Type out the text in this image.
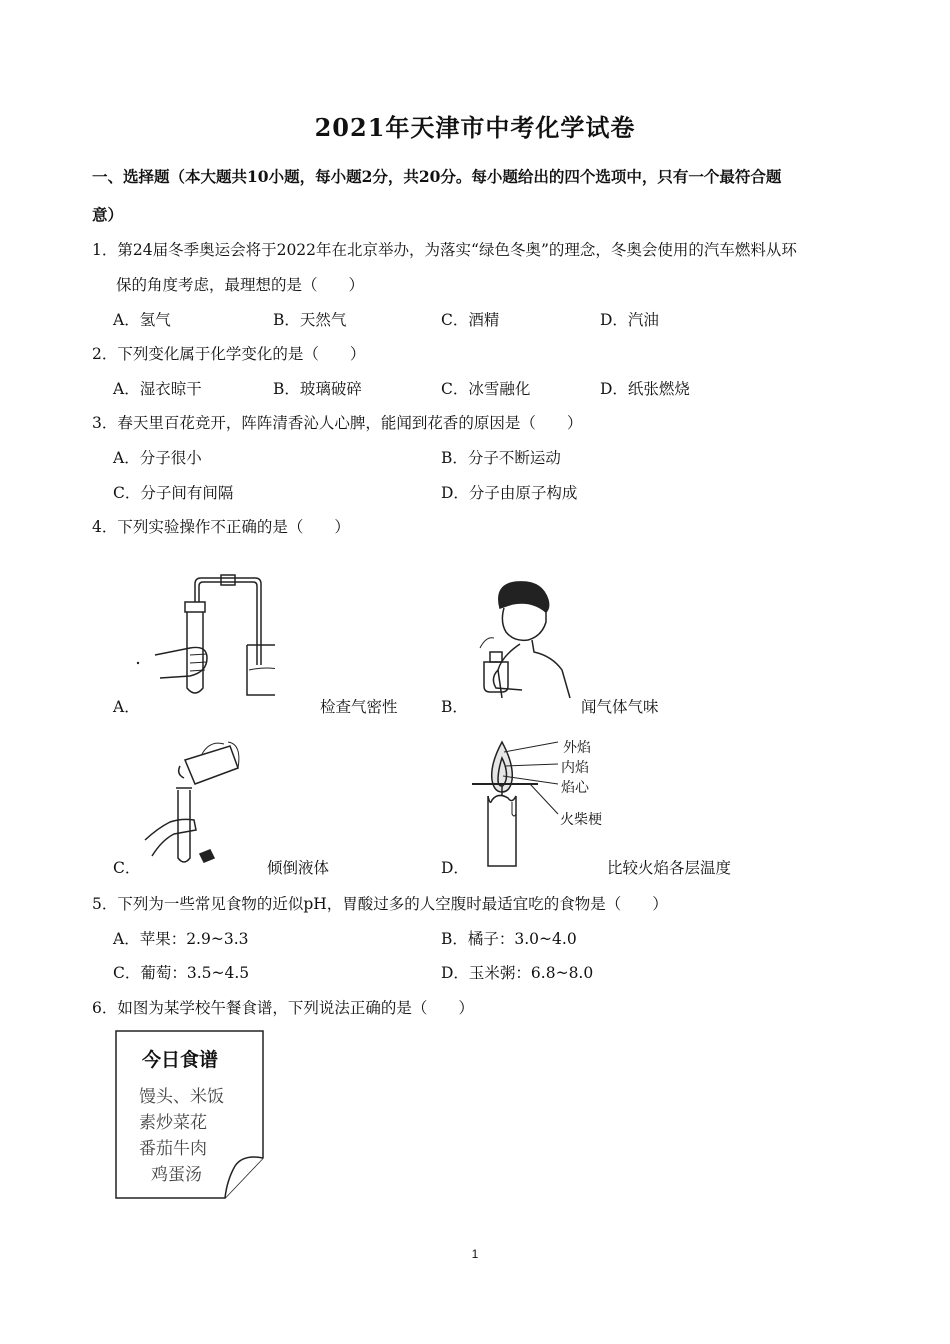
2021年天津市中考化学试卷
一、选择题（本大题共10小题，每小题2分，共20分。每小题给出的四个选项中，只有一个最符合题
意）
1．第24届冬季奥运会将于2022年在北京举办，为落实“绿色冬奥”的理念，冬奥会使用的汽车燃料从环
保的角度考虑，最理想的是（　　）
A．氢气	B．天然气	C．酒精	D．汽油
2．下列变化属于化学变化的是（　　）
A．湿衣晾干	B．玻璃破碎	C．冰雪融化	D．纸张燃烧
3．春天里百花竞开，阵阵清香沁人心脾，能闻到花香的原因是（　　）
A．分子很小	B．分子不断运动
C．分子间有间隔	D．分子由原子构成
4．下列实验操作不正确的是（　　）
A．	检查气密性	B．	闻气体气味
C．	倾倒液体
外焰
内焰
焰心
火柴梗
D．	比较火焰各层温度
5．下列为一些常见食物的近似pH，胃酸过多的人空腹时最适宜吃的食物是（　　）
A．苹果：2.9~3.3	B．橘子：3.0~4.0
C．葡萄：3.5~4.5	D．玉米粥：6.8~8.0
6．如图为某学校午餐食谱，下列说法正确的是（　　）
今日食谱
馒头、米饭
素炒菜花
番茄牛肉
鸡蛋汤
1
